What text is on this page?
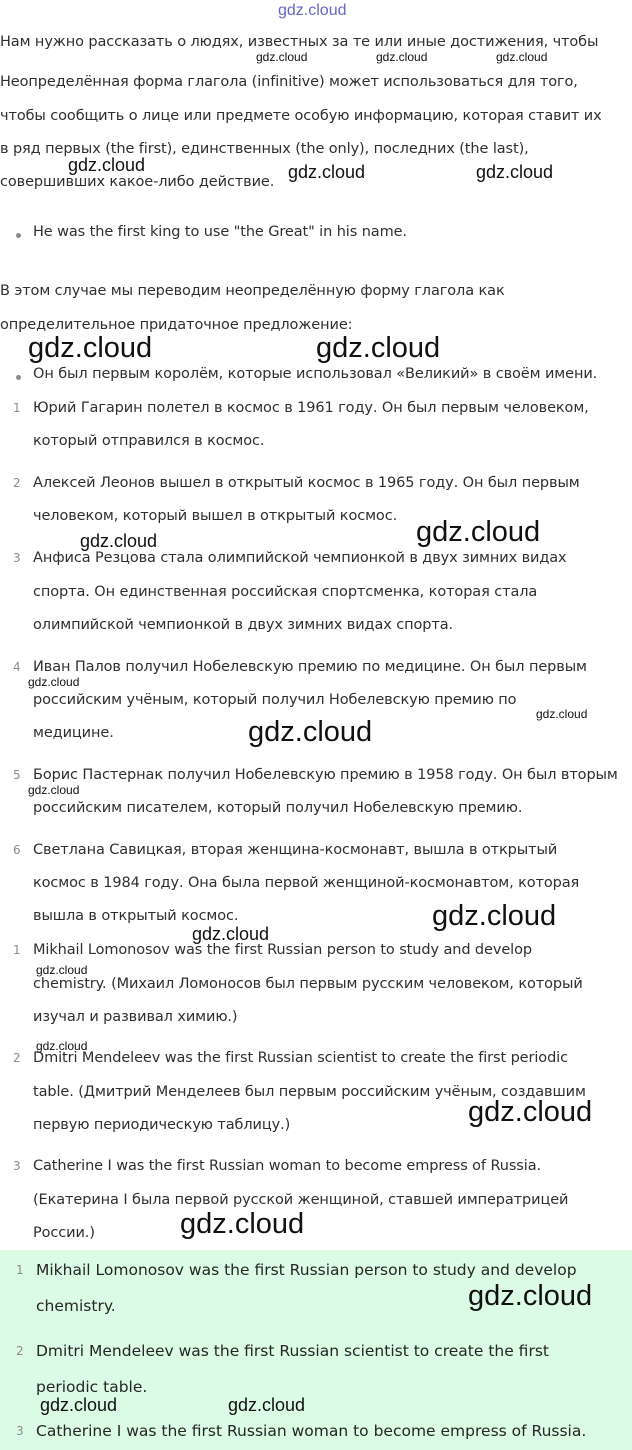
gdz.cloud
Нам нужно рассказать о людях, известных за те или иные достижения, чтобы
Неопределённая форма глагола (infinitive) может использоваться для того,
чтобы сообщить о лице или предмете особую информацию, которая ставит их
в ряд первых (the first), единственных (the only), последних (the last),
совершивших какое-либо действие.
He was the first king to use "the Great" in his name.
В этом случае мы переводим неопределённую форму глагола как
определительное придаточное предложение:
Он был первым королём, которые использовал «Великий» в своём имени.
1 Юрий Гагарин полетел в космос в 1961 году. Он был первым человеком,
который отправился в космос.
2 Алексей Леонов вышел в открытый космос в 1965 году. Он был первым
человеком, который вышел в открытый космос.
3 Анфиса Резцова стала олимпийской чемпионкой в двух зимних видах
спорта. Он единственная российская спортсменка, которая стала
олимпийской чемпионкой в двух зимних видах спорта.
4 Иван Палов получил Нобелевскую премию по медицине. Он был первым
российским учёным, который получил Нобелевскую премию по
медицине.
5 Борис Пастернак получил Нобелевскую премию в 1958 году. Он был вторым
российским писателем, который получил Нобелевскую премию.
6 Светлана Савицкая, вторая женщина-космонавт, вышла в открытый
космос в 1984 году. Она была первой женщиной-космонавтом, которая
вышла в открытый космос.
1 Mikhail Lomonosov was the first Russian person to study and develop
chemistry. (Михаил Ломоносов был первым русским человеком, который
изучал и развивал химию.)
2 Dmitri Mendeleev was the first Russian scientist to create the first periodic
table. (Дмитрий Менделеев был первым российским учёным, создавшим
первую периодическую таблицу.)
3 Catherine I was the first Russian woman to become empress of Russia.
(Екатерина I была первой русской женщиной, ставшей императрицей
России.)
1 Mikhail Lomonosov was the first Russian person to study and develop
chemistry.
2 Dmitri Mendeleev was the first Russian scientist to create the first
periodic table.
3 Catherine I was the first Russian woman to become empress of Russia.
gdz.cloud	gdz.cloud	gdz.cloud
gdz.cloud	gdz.cloud	gdz.cloud
gdz.cloud	gdz.cloud
gdz.cloud
gdz.cloud
gdz.cloud
gdz.cloud
gdz.cloud
gdz.cloud
gdz.cloud
gdz.cloud
gdz.cloud
gdz.cloud
gdz.cloud
gdz.cloud
gdz.cloud
gdz.cloud	gdz.cloud
